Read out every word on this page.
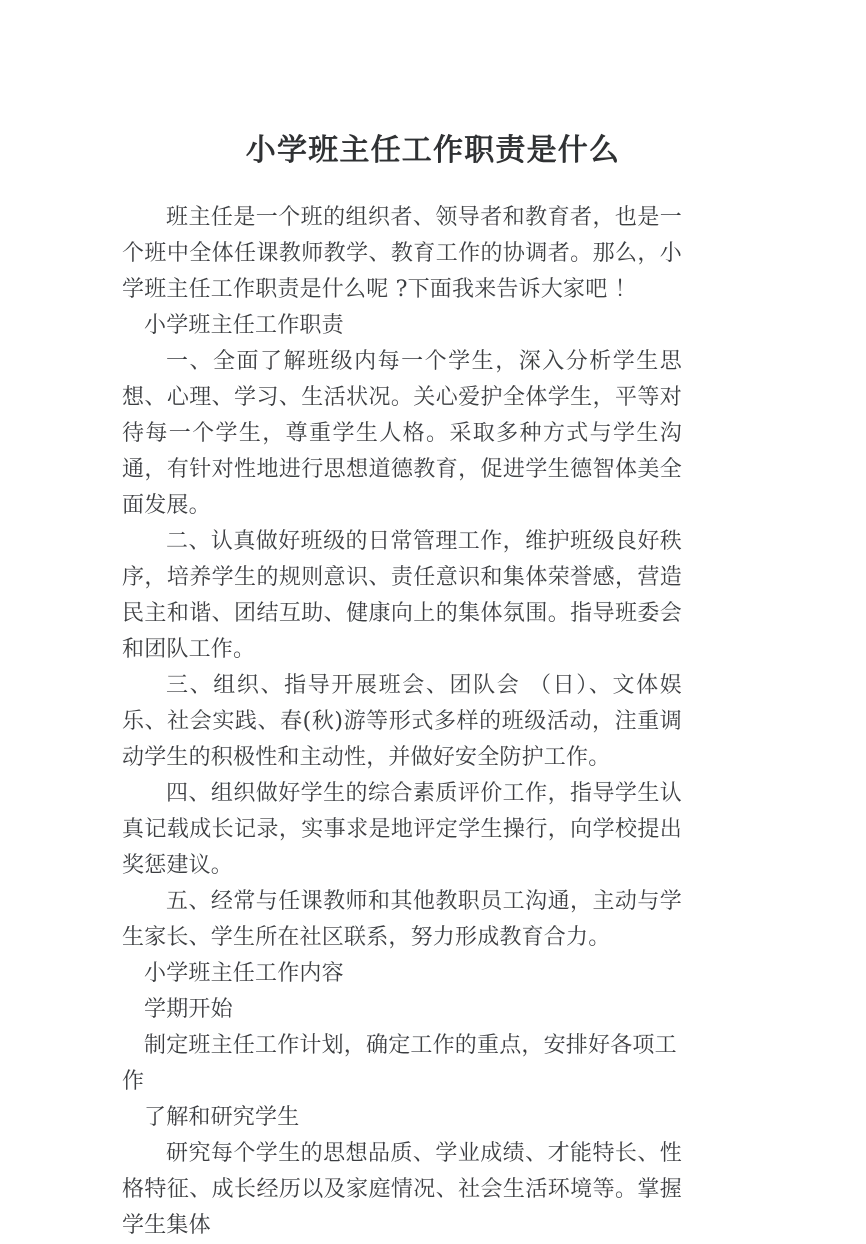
小学班主任工作职责是什么

班主任是一个班的组织者、领导者和教育者，也是一个班中全体任课教师教学、教育工作的协调者。那么，小学班主任工作职责是什么呢 ?下面我来告诉大家吧 ！

小学班主任工作职责

一、全面了解班级内每一个学生，深入分析学生思想、心理、学习、生活状况。关心爱护全体学生，平等对待每一个学生，尊重学生人格。采取多种方式与学生沟通，有针对性地进行思想道德教育，促进学生德智体美全面发展。

二、认真做好班级的日常管理工作，维护班级良好秩序，培养学生的规则意识、责任意识和集体荣誉感，营造民主和谐、团结互助、健康向上的集体氛围。指导班委会和团队工作。

三、组织、指导开展班会、团队会 （日）、文体娱乐、社会实践、春(秋)游等形式多样的班级活动，注重调动学生的积极性和主动性，并做好安全防护工作。

四、组织做好学生的综合素质评价工作，指导学生认真记载成长记录，实事求是地评定学生操行，向学校提出奖惩建议。

五、经常与任课教师和其他教职员工沟通，主动与学生家长、学生所在社区联系，努力形成教育合力。

小学班主任工作内容

学期开始

制定班主任工作计划，确定工作的重点，安排好各项工作

了解和研究学生

研究每个学生的思想品质、学业成绩、才能特长、性格特征、成长经历以及家庭情况、社会生活环境等。掌握学生集体
